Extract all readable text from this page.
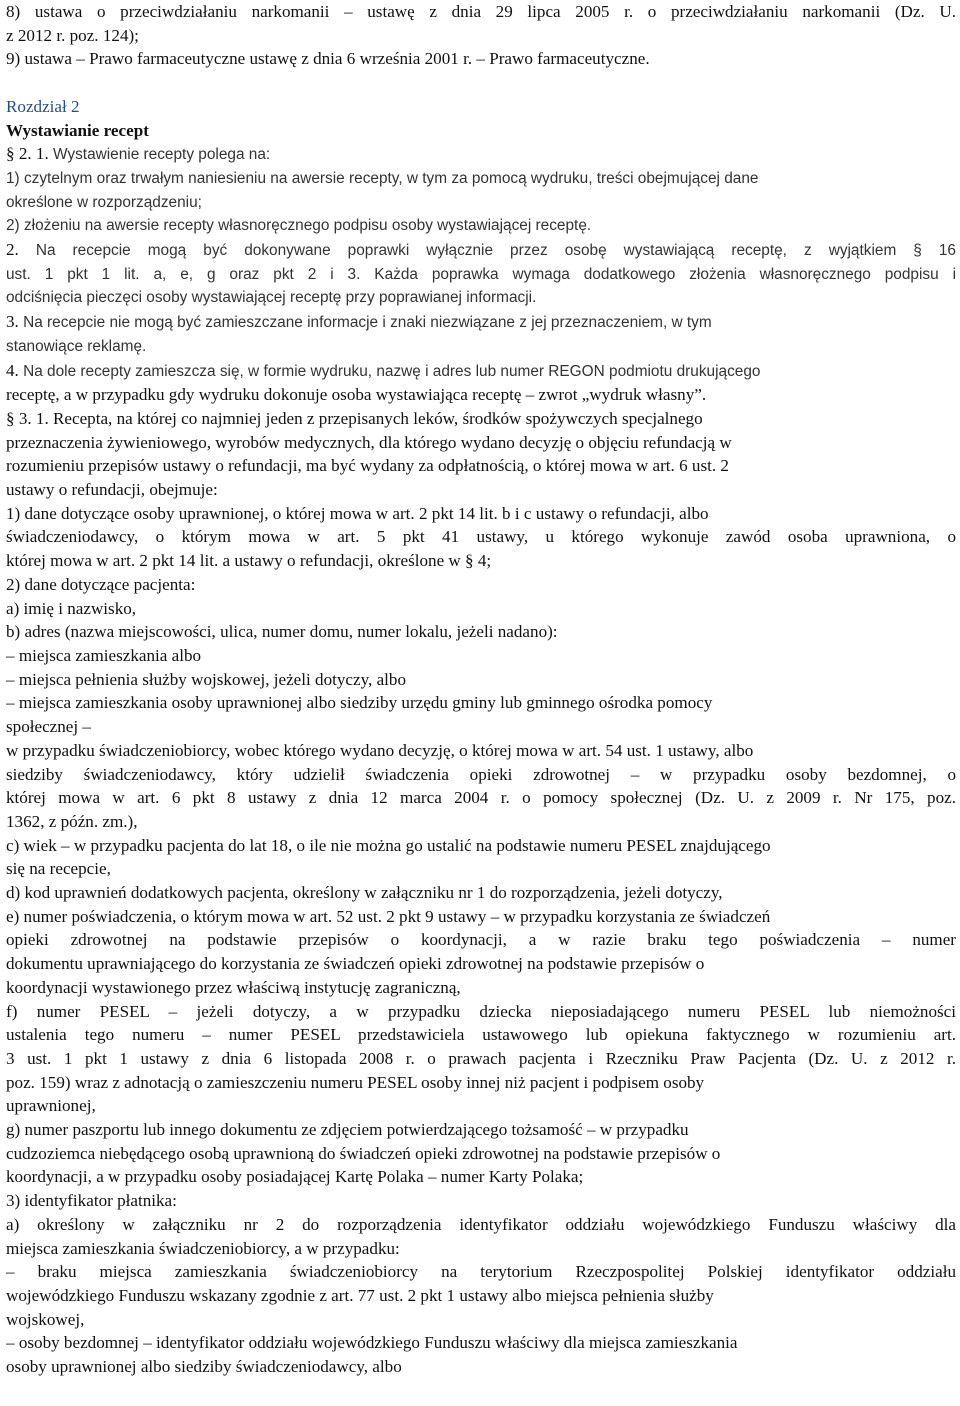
8) ustawa o przeciwdziałaniu narkomanii – ustawę z dnia 29 lipca 2005 r. o przeciwdziałaniu narkomanii (Dz. U.
z 2012 r. poz. 124);
9) ustawa – Prawo farmaceutyczne ustawę z dnia 6 września 2001 r. – Prawo farmaceutyczne.

Rozdział 2
Wystawianie recept
§ 2. 1. Wystawienie recepty polega na:
1) czytelnym oraz trwałym naniesieniu na awersie recepty, w tym za pomocą wydruku, treści obejmującej dane
określone w rozporządzeniu;
2) złożeniu na awersie recepty własnoręcznego podpisu osoby wystawiającej receptę.
2. Na recepcie mogą być dokonywane poprawki wyłącznie przez osobę wystawiającą receptę, z wyjątkiem § 16
ust. 1 pkt 1 lit. a, e, g oraz pkt 2 i 3. Każda poprawka wymaga dodatkowego złożenia własnoręcznego podpisu i
odciśnięcia pieczęci osoby wystawiającej receptę przy poprawianej informacji.
3. Na recepcie nie mogą być zamieszczane informacje i znaki niezwiązane z jej przeznaczeniem, w tym
stanowiące reklamę.
4. Na dole recepty zamieszcza się, w formie wydruku, nazwę i adres lub numer REGON podmiotu drukującego
receptę, a w przypadku gdy wydruku dokonuje osoba wystawiająca receptę – zwrot „wydruk własny”.
§ 3. 1. Recepta, na której co najmniej jeden z przepisanych leków, środków spożywczych specjalnego
przeznaczenia żywieniowego, wyrobów medycznych, dla którego wydano decyzję o objęciu refundacją w
rozumieniu przepisów ustawy o refundacji, ma być wydany za odpłatnością, o której mowa w art. 6 ust. 2
ustawy o refundacji, obejmuje:
1) dane dotyczące osoby uprawnionej, o której mowa w art. 2 pkt 14 lit. b i c ustawy o refundacji, albo
świadczeniodawcy, o którym mowa w art. 5 pkt 41 ustawy, u którego wykonuje zawód osoba uprawniona, o
której mowa w art. 2 pkt 14 lit. a ustawy o refundacji, określone w § 4;
2) dane dotyczące pacjenta:
a) imię i nazwisko,
b) adres (nazwa miejscowości, ulica, numer domu, numer lokalu, jeżeli nadano):
– miejsca zamieszkania albo
– miejsca pełnienia służby wojskowej, jeżeli dotyczy, albo
– miejsca zamieszkania osoby uprawnionej albo siedziby urzędu gminy lub gminnego ośrodka pomocy
społecznej –
w przypadku świadczeniobiorcy, wobec którego wydano decyzję, o której mowa w art. 54 ust. 1 ustawy, albo
siedziby świadczeniodawcy, który udzielił świadczenia opieki zdrowotnej – w przypadku osoby bezdomnej, o
której mowa w art. 6 pkt 8 ustawy z dnia 12 marca 2004 r. o pomocy społecznej (Dz. U. z 2009 r. Nr 175, poz.
1362, z późn. zm.),
c) wiek – w przypadku pacjenta do lat 18, o ile nie można go ustalić na podstawie numeru PESEL znajdującego
się na recepcie,
d) kod uprawnień dodatkowych pacjenta, określony w załączniku nr 1 do rozporządzenia, jeżeli dotyczy,
e) numer poświadczenia, o którym mowa w art. 52 ust. 2 pkt 9 ustawy – w przypadku korzystania ze świadczeń
opieki zdrowotnej na podstawie przepisów o koordynacji, a w razie braku tego poświadczenia – numer
dokumentu uprawniającego do korzystania ze świadczeń opieki zdrowotnej na podstawie przepisów o
koordynacji wystawionego przez właściwą instytucję zagraniczną,
f) numer PESEL – jeżeli dotyczy, a w przypadku dziecka nieposiadającego numeru PESEL lub niemożności
ustalenia tego numeru – numer PESEL przedstawiciela ustawowego lub opiekuna faktycznego w rozumieniu art.
3 ust. 1 pkt 1 ustawy z dnia 6 listopada 2008 r. o prawach pacjenta i Rzeczniku Praw Pacjenta (Dz. U. z 2012 r.
poz. 159) wraz z adnotacją o zamieszczeniu numeru PESEL osoby innej niż pacjent i podpisem osoby
uprawnionej,
g) numer paszportu lub innego dokumentu ze zdjęciem potwierdzającego tożsamość – w przypadku
cudzoziemca niebędącego osobą uprawnioną do świadczeń opieki zdrowotnej na podstawie przepisów o
koordynacji, a w przypadku osoby posiadającej Kartę Polaka – numer Karty Polaka;
3) identyfikator płatnika:
a) określony w załączniku nr 2 do rozporządzenia identyfikator oddziału wojewódzkiego Funduszu właściwy dla
miejsca zamieszkania świadczeniobiorcy, a w przypadku:
– braku miejsca zamieszkania świadczeniobiorcy na terytorium Rzeczpospolitej Polskiej identyfikator oddziału
wojewódzkiego Funduszu wskazany zgodnie z art. 77 ust. 2 pkt 1 ustawy albo miejsca pełnienia służby
wojskowej,
– osoby bezdomnej – identyfikator oddziału wojewódzkiego Funduszu właściwy dla miejsca zamieszkania
osoby uprawnionej albo siedziby świadczeniodawcy, albo
